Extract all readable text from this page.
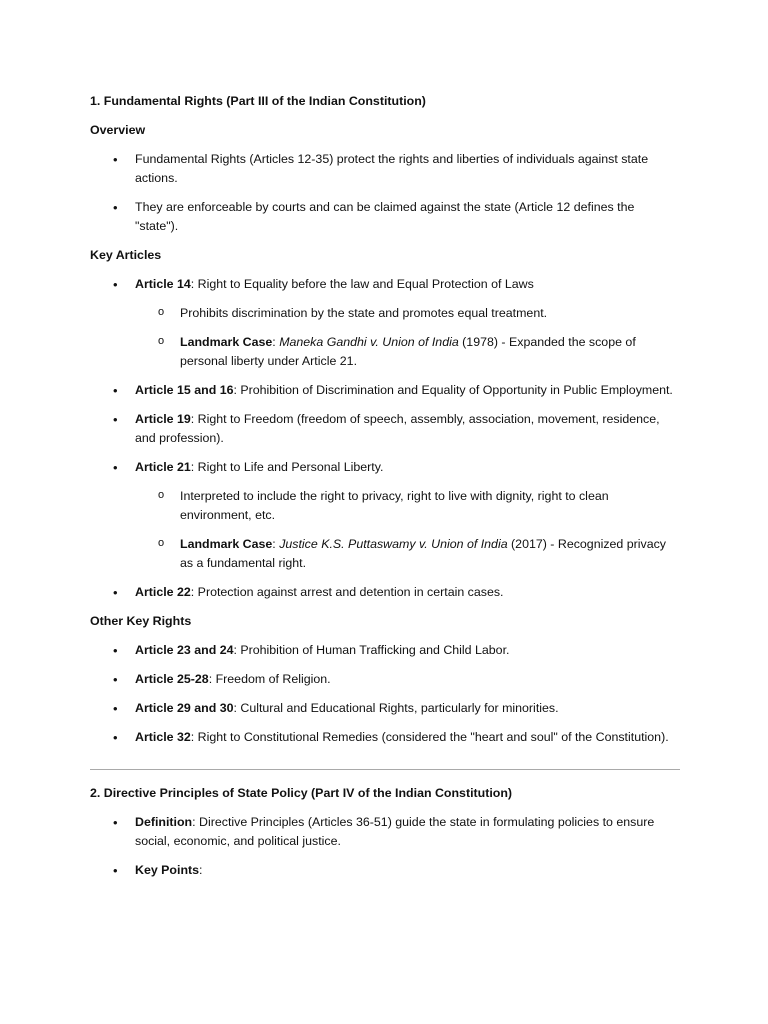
1. Fundamental Rights (Part III of the Indian Constitution)
Overview
• Fundamental Rights (Articles 12-35) protect the rights and liberties of individuals against state actions.
• They are enforceable by courts and can be claimed against the state (Article 12 defines the "state").
Key Articles
• Article 14: Right to Equality before the law and Equal Protection of Laws
o Prohibits discrimination by the state and promotes equal treatment.
o Landmark Case: Maneka Gandhi v. Union of India (1978) - Expanded the scope of personal liberty under Article 21.
• Article 15 and 16: Prohibition of Discrimination and Equality of Opportunity in Public Employment.
• Article 19: Right to Freedom (freedom of speech, assembly, association, movement, residence, and profession).
• Article 21: Right to Life and Personal Liberty.
o Interpreted to include the right to privacy, right to live with dignity, right to clean environment, etc.
o Landmark Case: Justice K.S. Puttaswamy v. Union of India (2017) - Recognized privacy as a fundamental right.
• Article 22: Protection against arrest and detention in certain cases.
Other Key Rights
• Article 23 and 24: Prohibition of Human Trafficking and Child Labor.
• Article 25-28: Freedom of Religion.
• Article 29 and 30: Cultural and Educational Rights, particularly for minorities.
• Article 32: Right to Constitutional Remedies (considered the "heart and soul" of the Constitution).
2. Directive Principles of State Policy (Part IV of the Indian Constitution)
• Definition: Directive Principles (Articles 36-51) guide the state in formulating policies to ensure social, economic, and political justice.
• Key Points:
